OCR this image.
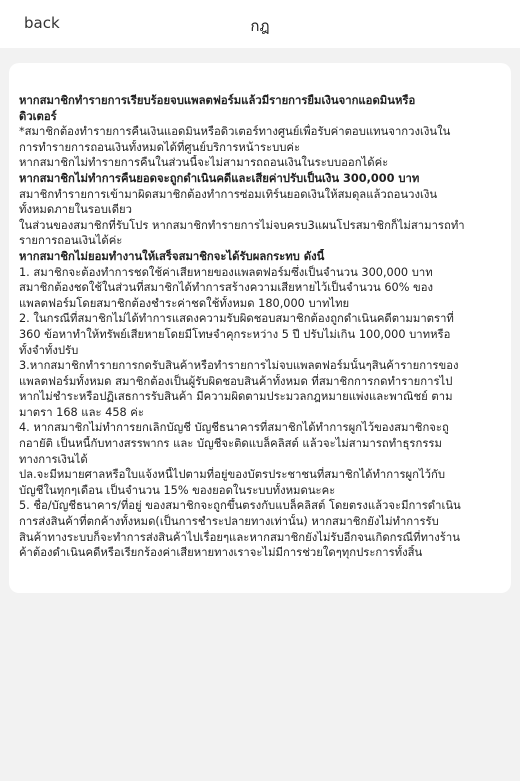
back	กฎ
หากสมาชิกทำรายการเรียบร้อยจบแพลตฟอร์มแล้วมีรายการยืมเงินจากแอดมินหรือ
ดิวเตอร์
*สมาชิกต้องทำรายการคืนเงินแอดมินหรือดิวเตอร์ทางศูนย์เพื่อรับค่าตอบแทนจากวงเงินใน
การทำรายการถอนเงินทั้งหมดได้ที่ศูนย์บริการหน้าระบบค่ะ
หากสมาชิกไม่ทำรายการคืนในส่วนนี้จะไม่สามารถถอนเงินในระบบออกได้ค่ะ
หากสมาชิกไม่ทำการคืนยอดจะถูกดำเนินคดีและเสียค่าปรับเป็นเงิน 300,000 บาท
สมาชิกทำรายการเข้ามาผิดสมาชิกต้องทำการซ่อมเทิร์นยอดเงินให้สมดุลแล้วถอนวงเงิน
ทั้งหมดภายในรอบเดียว
ในส่วนของสมาชิกที่รับโปร หากสมาชิกทำรายการไม่จบครบ3แผนโปรสมาชิกก็ไม่สามารถทำ
รายการถอนเงินได้ค่ะ
หากสมาชิกไม่ยอมทำงานให้เสร็จสมาชิกจะได้รับผลกระทบ ดังนี้
1. สมาชิกจะต้องทำการชดใช้ค่าเสียหายของแพลตฟอร์มซึ่งเป็นจำนวน 300,000 บาท
สมาชิกต้องชดใช้ในส่วนที่สมาชิกได้ทำการสร้างความเสียหายไว้เป็นจำนวน 60% ของ
แพลตฟอร์มโดยสมาชิกต้องชำระค่าชดใช้ทั้งหมด 180,000 บาทไทย
2. ในกรณีที่สมาชิกไม่ได้ทำการแสดงความรับผิดชอบสมาชิกต้องถูกดำเนินคดีตามมาตราที่
360 ข้อหาทำให้ทรัพย์เสียหายโดยมีโทษจำคุกระหว่าง 5 ปี ปรับไม่เกิน 100,000 บาทหรือ
ทั้งจำทั้งปรับ
3.หากสมาชิกทำรายการกดรับสินค้าหรือทำรายการไม่จบแพลตฟอร์มนั้นๆสินค้ารายการของ
แพลตฟอร์มทั้งหมด สมาชิกต้องเป็นผู้รับผิดชอบสินค้าทั้งหมด ที่สมาชิกการกดทำรายการไป
หากไม่ชำระหรือปฏิเสธการรับสินค้า มีความผิดตามประมวลกฎหมายแพ่งและพาณิชย์ ตาม
มาตรา 168 และ 458 ค่ะ
4. หากสมาชิกไม่ทำการยกเลิกบัญชี บัญชีธนาคารที่สมาชิกได้ทำการผูกไว้ของสมาชิกจะถู
กอายัติ เป็นหนี้กับทางสรรพากร และ บัญชีจะติดแบล็คลิสต์ แล้วจะไม่สามารถทำธุรกรรม
ทางการเงินได้
ปล.จะมีหมายศาลหรือใบแจ้งหนี้ไปตามที่อยู่ของบัตรประชาชนที่สมาชิกได้ทำการผูกไว้กับ
บัญชีในทุกๆเดือน เป็นจำนวน 15% ของยอดในระบบทั้งหมดนะคะ
5. ชื่อ/บัญชีธนาคาร/ที่อยู่ ของสมาชิกจะถูกขึ้นตรงกับแบล็คลิสต์ โดยตรงแล้วจะมีการดำเนิน
การส่งสินค้าที่ตกค้างทั้งหมด(เป็นการชำระปลายทางเท่านั้น) หากสมาชิกยังไม่ทำการรับ
สินค้าทางระบบก็จะทำการส่งสินค้าไปเรื่อยๆและหากสมาชิกยังไม่รับอีกจนเกิดกรณีที่ทางร้าน
ค้าต้องดำเนินคดีหรือเรียกร้องค่าเสียหายทางเราจะไม่มีการช่วยใดๆทุกประการทั้งสิ้น
